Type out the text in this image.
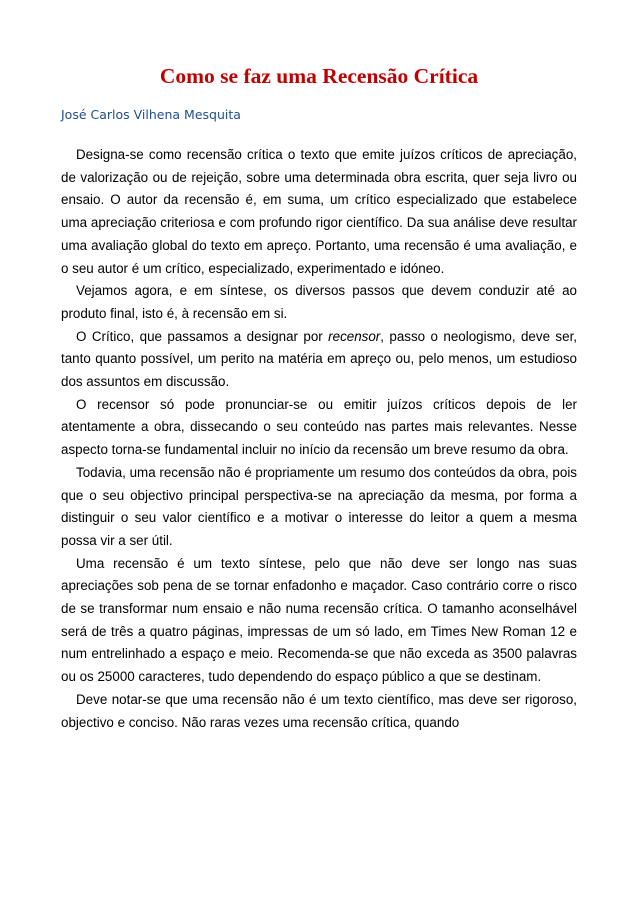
Como se faz uma Recensão Crítica
José Carlos Vilhena Mesquita

Designa-se como recensão crítica o texto que emite juízos críticos de apreciação, de valorização ou de rejeição, sobre uma determinada obra escrita, quer seja livro ou ensaio. O autor da recensão é, em suma, um crítico especializado que estabelece uma apreciação criteriosa e com profundo rigor científico. Da sua análise deve resultar uma avaliação global do texto em apreço. Portanto, uma recensão é uma avaliação, e o seu autor é um crítico, especializado, experimentado e idóneo.

Vejamos agora, e em síntese, os diversos passos que devem conduzir até ao produto final, isto é, à recensão em si.

O Crítico, que passamos a designar por recensor, passo o neologismo, deve ser, tanto quanto possível, um perito na matéria em apreço ou, pelo menos, um estudioso dos assuntos em discussão.

O recensor só pode pronunciar-se ou emitir juízos críticos depois de ler atentamente a obra, dissecando o seu conteúdo nas partes mais relevantes. Nesse aspecto torna-se fundamental incluir no início da recensão um breve resumo da obra.

Todavia, uma recensão não é propriamente um resumo dos conteúdos da obra, pois que o seu objectivo principal perspectiva-se na apreciação da mesma, por forma a distinguir o seu valor científico e a motivar o interesse do leitor a quem a mesma possa vir a ser útil.

Uma recensão é um texto síntese, pelo que não deve ser longo nas suas apreciações sob pena de se tornar enfadonho e maçador. Caso contrário corre o risco de se transformar num ensaio e não numa recensão crítica. O tamanho aconselhável será de três a quatro páginas, impressas de um só lado, em Times New Roman 12 e num entrelinhado a espaço e meio. Recomenda-se que não exceda as 3500 palavras ou os 25000 caracteres, tudo dependendo do espaço público a que se destinam.

Deve notar-se que uma recensão não é um texto científico, mas deve ser rigoroso, objectivo e conciso. Não raras vezes uma recensão crítica, quando
